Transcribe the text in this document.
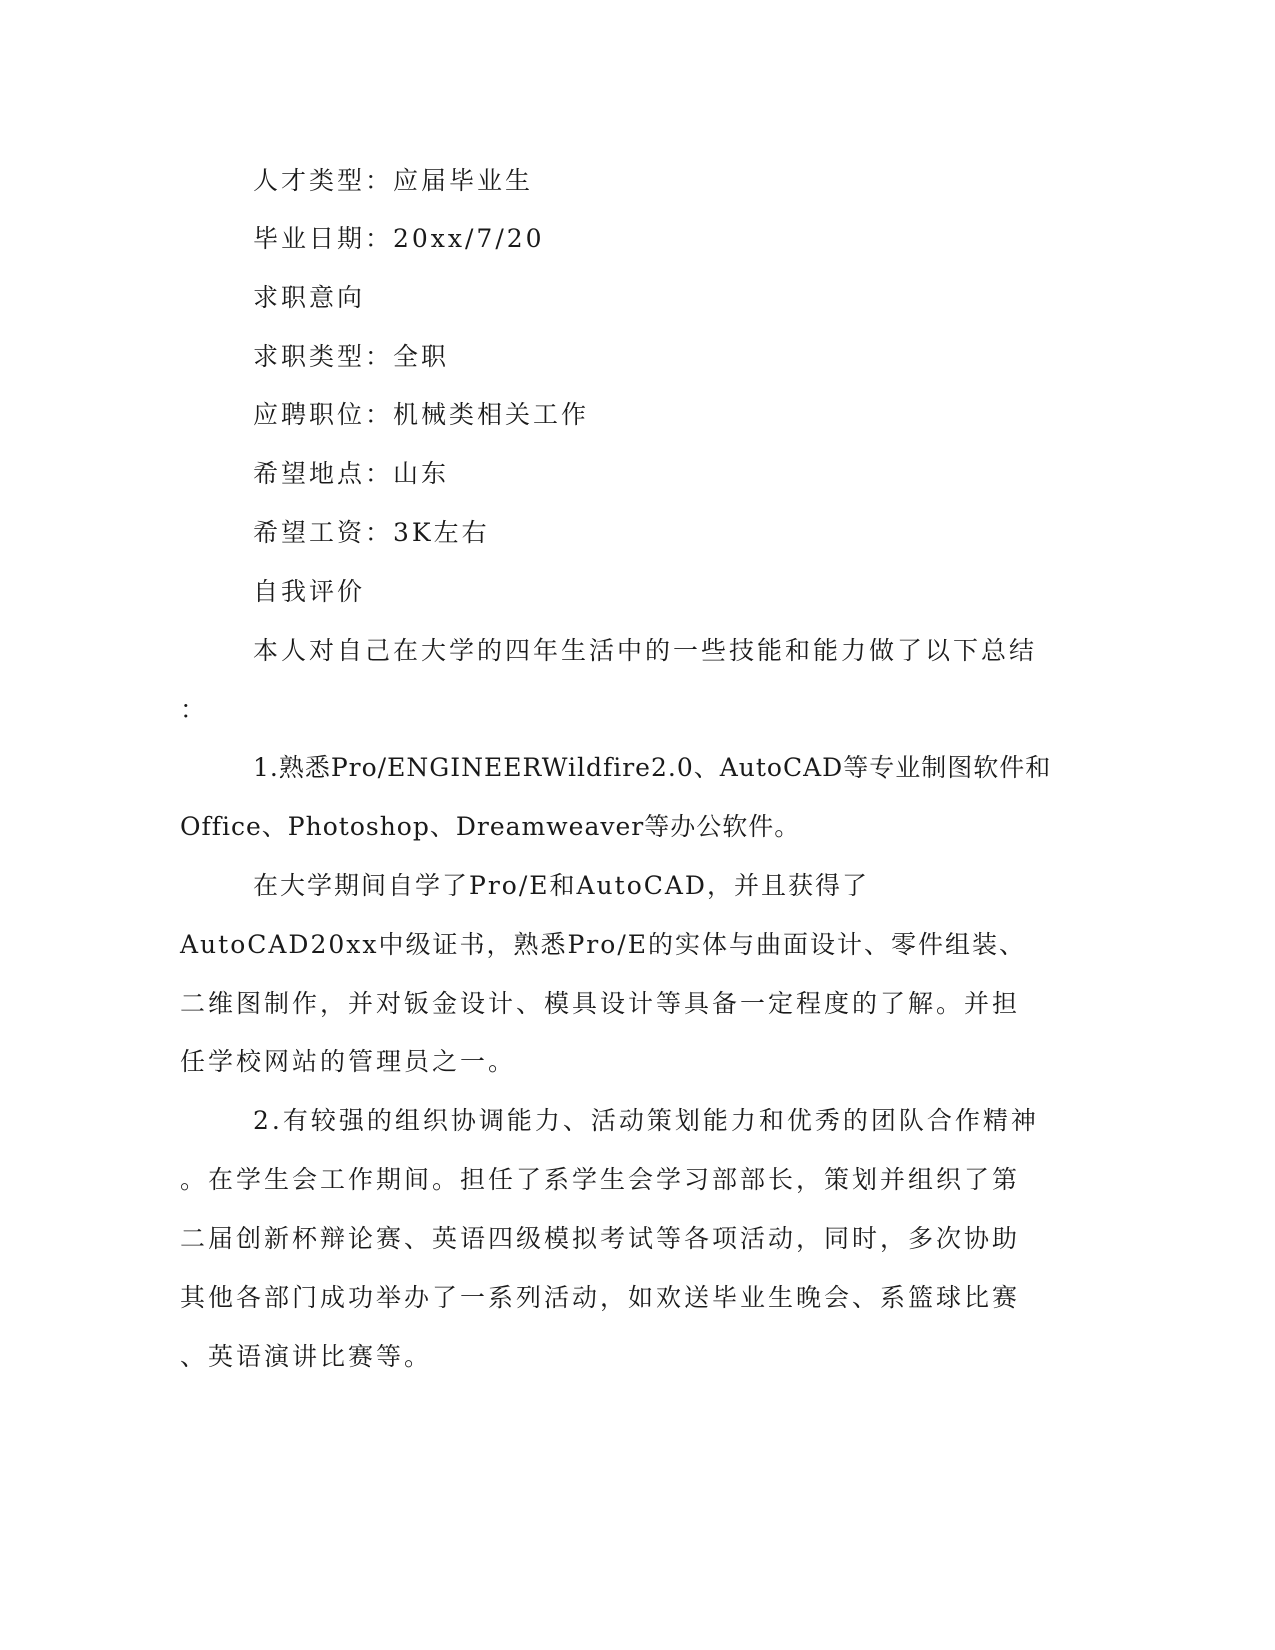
人才类型：应届毕业生

毕业日期：20xx/7/20

求职意向

求职类型：全职

应聘职位：机械类相关工作

希望地点：山东

希望工资：3K左右

自我评价

本人对自己在大学的四年生活中的一些技能和能力做了以下总结

：

1.熟悉Pro/ENGINEERWildfire2.0、AutoCAD等专业制图软件和

Office、Photoshop、Dreamweaver等办公软件。

在大学期间自学了Pro/E和AutoCAD，并且获得了

AutoCAD20xx中级证书，熟悉Pro/E的实体与曲面设计、零件组装、

二维图制作，并对钣金设计、模具设计等具备一定程度的了解。并担

任学校网站的管理员之一。

2.有较强的组织协调能力、活动策划能力和优秀的团队合作精神

。在学生会工作期间。担任了系学生会学习部部长，策划并组织了第

二届创新杯辩论赛、英语四级模拟考试等各项活动，同时，多次协助

其他各部门成功举办了一系列活动，如欢送毕业生晚会、系篮球比赛

、英语演讲比赛等。
